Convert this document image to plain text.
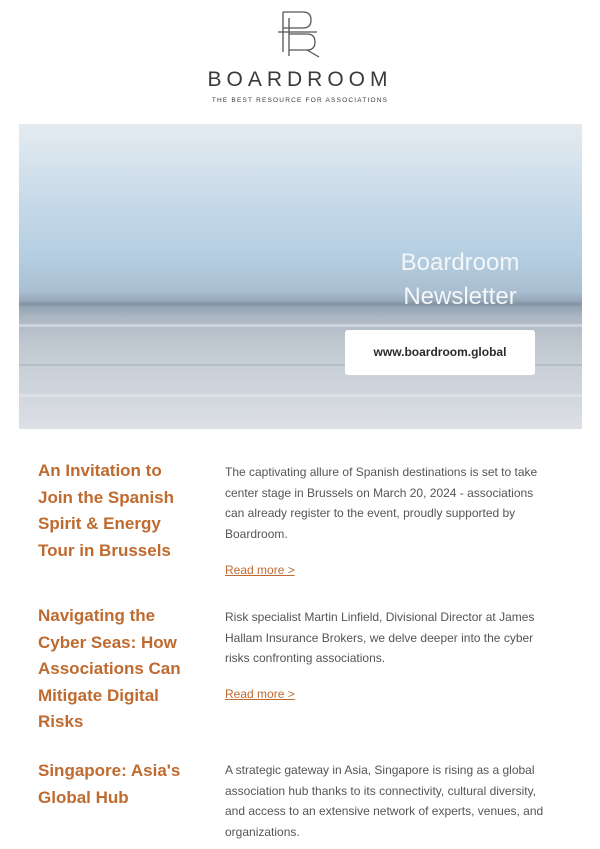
BOARDROOM
THE BEST RESOURCE FOR ASSOCIATIONS
Boardroom
Newsletter
www.boardroom.global
An Invitation to Join the Spanish Spirit & Energy Tour in Brussels
The captivating allure of Spanish destinations is set to take center stage in Brussels on March 20, 2024 - associations can already register to the event, proudly supported by Boardroom.
Read more >
Navigating the Cyber Seas: How Associations Can Mitigate Digital Risks
Risk specialist Martin Linfield, Divisional Director at James Hallam Insurance Brokers, we delve deeper into the cyber risks confronting associations.
Read more >
Singapore: Asia's Global Hub
A strategic gateway in Asia, Singapore is rising as a global association hub thanks to its connectivity, cultural diversity, and access to an extensive network of experts, venues, and organizations.
